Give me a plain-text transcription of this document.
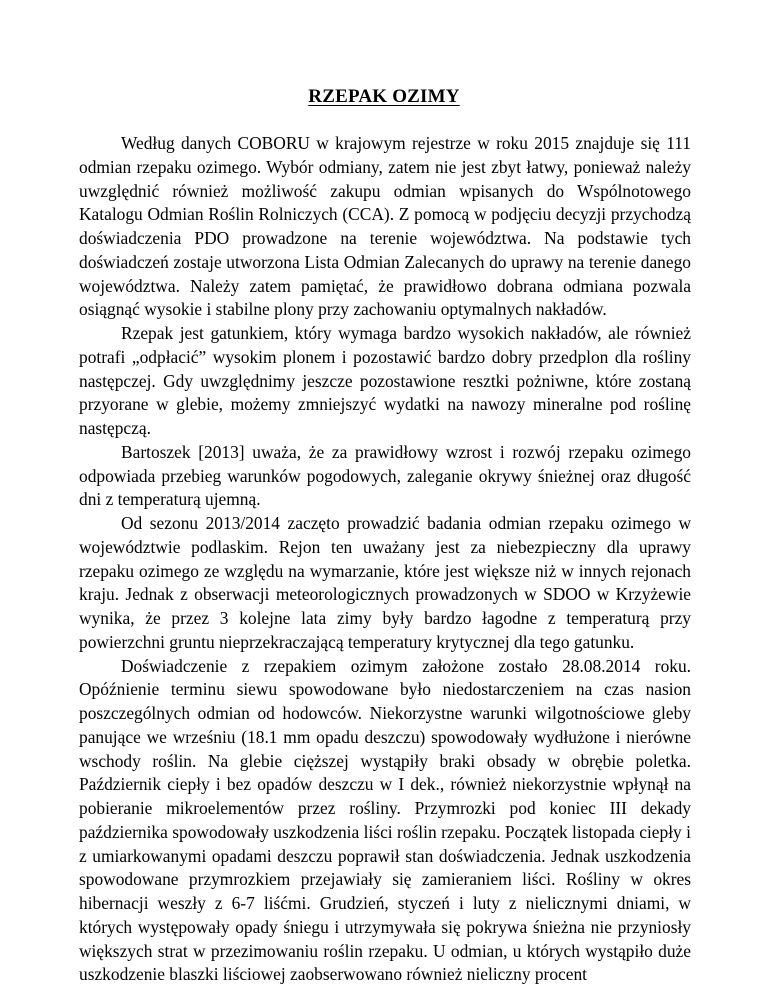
RZEPAK OZIMY

Według danych COBORU w krajowym rejestrze w roku 2015 znajduje się 111 odmian rzepaku ozimego. Wybór odmiany, zatem nie jest zbyt łatwy, ponieważ należy uwzględnić również możliwość zakupu odmian wpisanych do Wspólnotowego Katalogu Odmian Roślin Rolniczych (CCA). Z pomocą w podjęciu decyzji przychodzą doświadczenia PDO prowadzone na terenie województwa. Na podstawie tych doświadczeń zostaje utworzona Lista Odmian Zalecanych do uprawy na terenie danego województwa. Należy zatem pamiętać, że prawidłowo dobrana odmiana pozwala osiągnąć wysokie i stabilne plony przy zachowaniu optymalnych nakładów.

Rzepak jest gatunkiem, który wymaga bardzo wysokich nakładów, ale również potrafi „odpłacić” wysokim plonem i pozostawić bardzo dobry przedplon dla rośliny następczej. Gdy uwzględnimy jeszcze pozostawione resztki pożniwne, które zostaną przyorane w glebie, możemy zmniejszyć wydatki na nawozy mineralne pod roślinę następczą.

Bartoszek [2013] uważa, że za prawidłowy wzrost i rozwój rzepaku ozimego odpowiada przebieg warunków pogodowych, zaleganie okrywy śnieżnej oraz długość dni z temperaturą ujemną.

Od sezonu 2013/2014 zaczęto prowadzić badania odmian rzepaku ozimego w województwie podlaskim. Rejon ten uważany jest za niebezpieczny dla uprawy rzepaku ozimego ze względu na wymarzanie, które jest większe niż w innych rejonach kraju. Jednak z obserwacji meteorologicznych prowadzonych w SDOO w Krzyżewie wynika, że przez 3 kolejne lata zimy były bardzo łagodne z temperaturą przy powierzchni gruntu nieprzekraczającą temperatury krytycznej dla tego gatunku.

Doświadczenie z rzepakiem ozimym założone zostało 28.08.2014 roku. Opóźnienie terminu siewu spowodowane było niedostarczeniem na czas nasion poszczególnych odmian od hodowców. Niekorzystne warunki wilgotnościowe gleby panujące we wrześniu (18.1 mm opadu deszczu) spowodowały wydłużone i nierówne wschody roślin. Na glebie cięższej wystąpiły braki obsady w obrębie poletka. Październik ciepły i bez opadów deszczu w I dek., również niekorzystnie wpłynął na pobieranie mikroelementów przez rośliny. Przymrozki pod koniec III dekady października spowodowały uszkodzenia liści roślin rzepaku. Początek listopada ciepły i z umiarkowanymi opadami deszczu poprawił stan doświadczenia. Jednak uszkodzenia spowodowane przymrozkiem przejawiały się zamieraniem liści. Rośliny w okres hibernacji weszły z 6-7 liśćmi. Grudzień, styczeń i luty z nielicznymi dniami, w których występowały opady śniegu i utrzymywała się pokrywa śnieżna nie przyniosły większych strat w przezimowaniu roślin rzepaku. U odmian, u których wystąpiło duże uszkodzenie blaszki liściowej zaobserwowano również nieliczny procent
